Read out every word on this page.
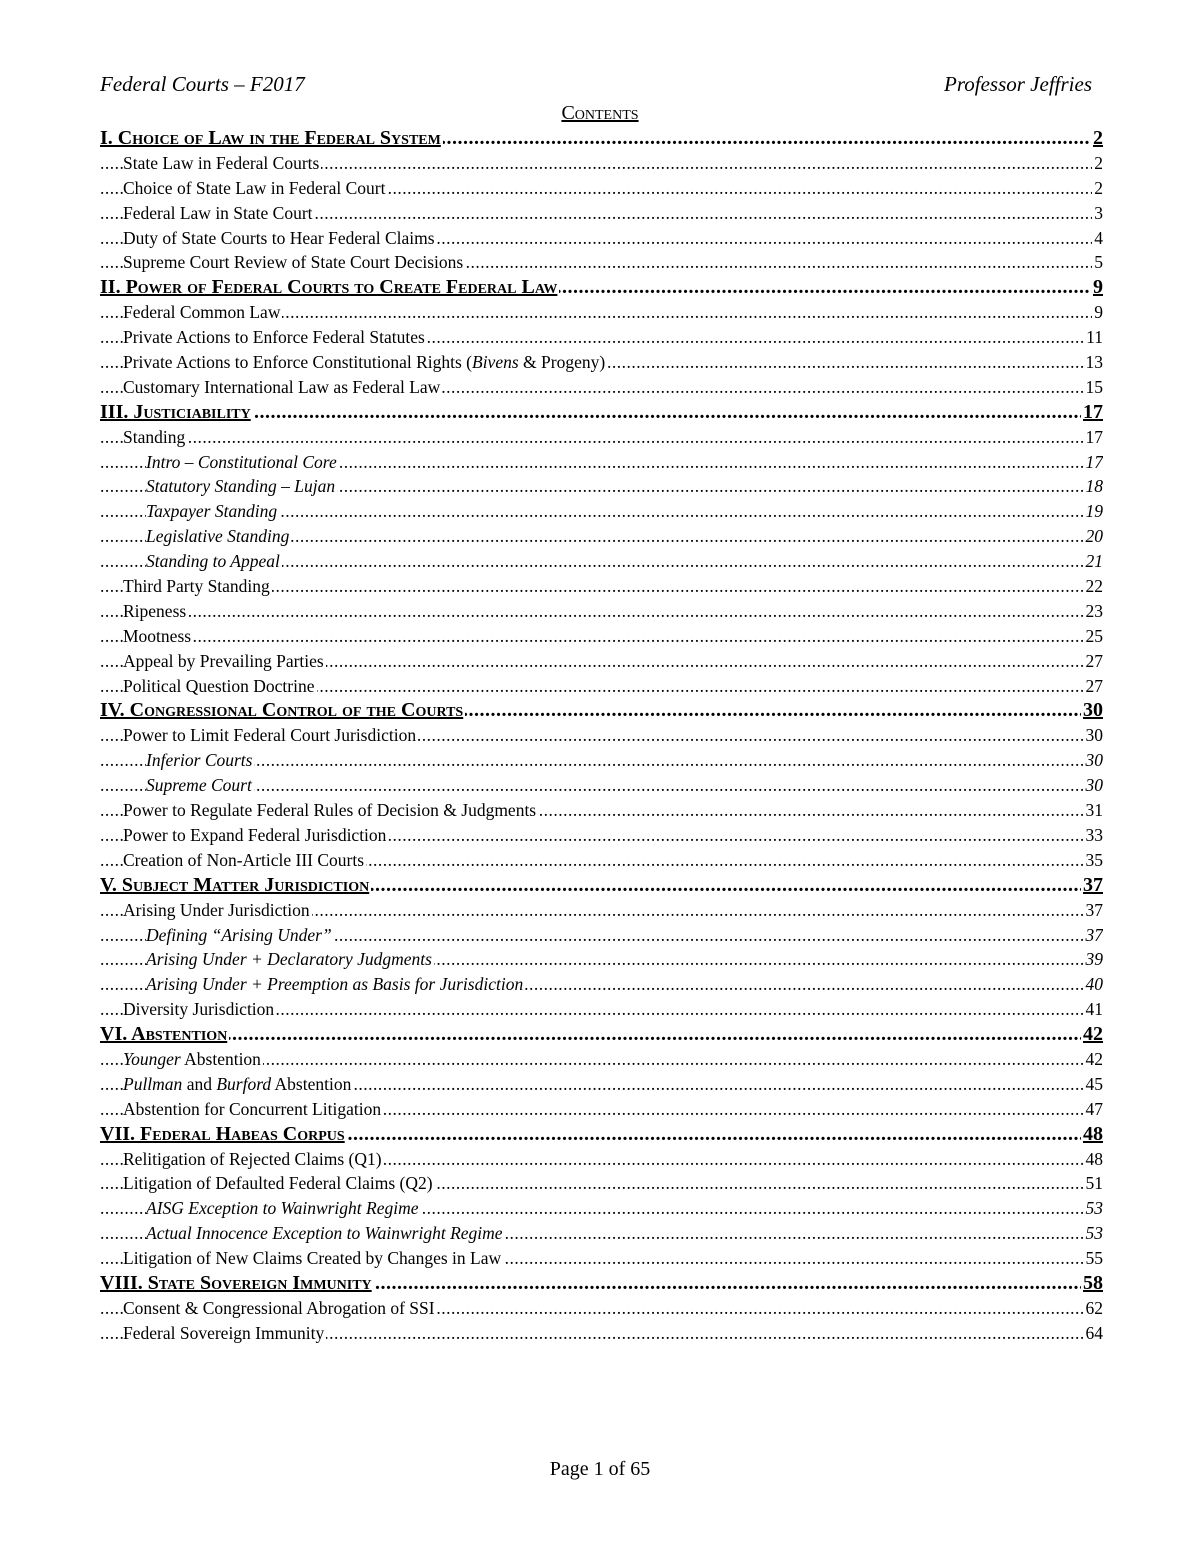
Federal Courts – F2017	Professor Jeffries
Contents
I. Choice of Law in the Federal System	2
.....
State Law in Federal Courts	2
.....
Choice of State Law in Federal Court	2
.....
Federal Law in State Court	3
.....
Duty of State Courts to Hear Federal Claims	4
.....
Supreme Court Review of State Court Decisions	5
.....
II. Power of Federal Courts to Create Federal Law	9
.....
Federal Common Law	9
.....
Private Actions to Enforce Federal Statutes	11
.....
Private Actions to Enforce Constitutional Rights (Bivens & Progeny)	13
.....
Customary International Law as Federal Law	15
.....
III. Justiciability	17
.....
Standing	17
.....
Intro – Constitutional Core	17
.....
Statutory Standing – Lujan	18
.....
Taxpayer Standing	19
.....
Legislative Standing	20
.....
Standing to Appeal	21
.....
Third Party Standing	22
.....
Ripeness	23
.....
Mootness	25
.....
Appeal by Prevailing Parties	27
.....
Political Question Doctrine	27
.....
IV. Congressional Control of the Courts	30
.....
Power to Limit Federal Court Jurisdiction	30
.....
Inferior Courts	30
.....
Supreme Court	30
.....
Power to Regulate Federal Rules of Decision & Judgments	31
.....
Power to Expand Federal Jurisdiction	33
.....
Creation of Non-Article III Courts	35
.....
V. Subject Matter Jurisdiction	37
.....
Arising Under Jurisdiction	37
.....
Defining “Arising Under”	37
.....
Arising Under + Declaratory Judgments	39
.....
Arising Under + Preemption as Basis for Jurisdiction	40
.....
Diversity Jurisdiction	41
.....
VI. Abstention	42
.....
Younger Abstention	42
.....
Pullman and Burford Abstention	45
.....
Abstention for Concurrent Litigation	47
.....
VII. Federal Habeas Corpus	48
.....
Relitigation of Rejected Claims (Q1)	48
.....
Litigation of Defaulted Federal Claims (Q2)	51
.....
AISG Exception to Wainwright Regime	53
.....
Actual Innocence Exception to Wainwright Regime	53
.....
Litigation of New Claims Created by Changes in Law	55
.....
VIII. State Sovereign Immunity	58
.....
Consent & Congressional Abrogation of SSI	62
.....
Federal Sovereign Immunity	64
.....
Page 1 of 65
